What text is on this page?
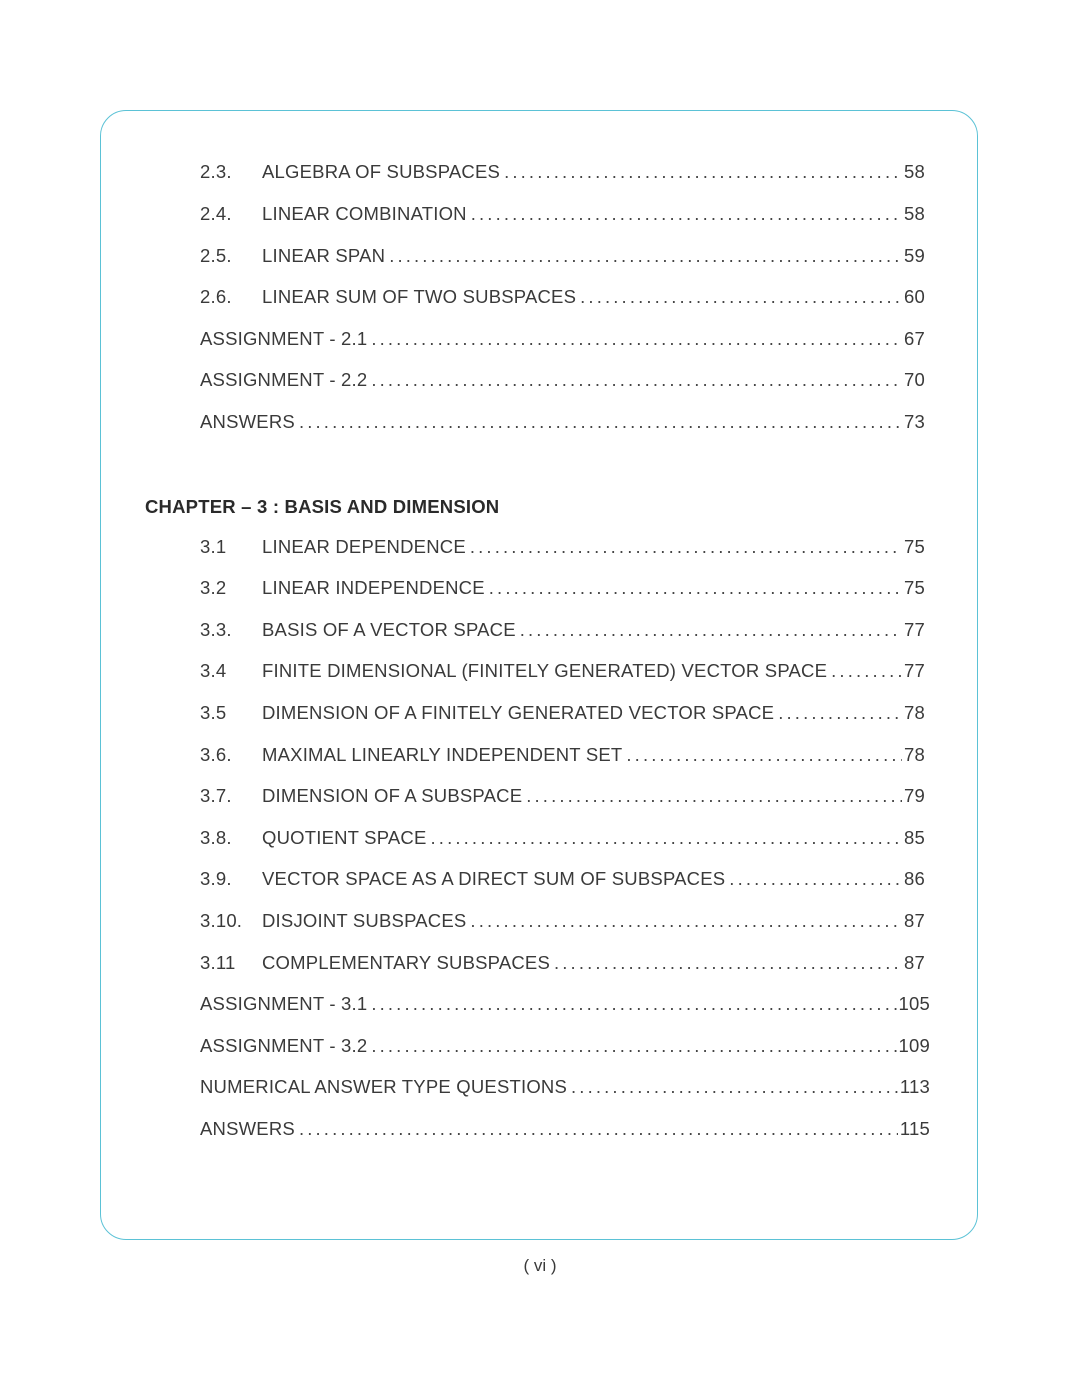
2.3.	ALGEBRA OF SUBSPACES . . .	58
2.4.	LINEAR COMBINATION . . .	58
2.5.	LINEAR SPAN . . .	59
2.6.	LINEAR SUM OF TWO SUBSPACES . . .	60
ASSIGNMENT - 2.1 . . .	67
ASSIGNMENT - 2.2 . . .	70
ANSWERS . . .	73
CHAPTER – 3 : BASIS AND DIMENSION
3.1	LINEAR DEPENDENCE . . .	75
3.2	LINEAR INDEPENDENCE . . .	75
3.3.	BASIS OF A VECTOR SPACE . . .	77
3.4	FINITE DIMENSIONAL (FINITELY GENERATED) VECTOR SPACE . . .	77
3.5	DIMENSION OF A FINITELY GENERATED VECTOR SPACE . . .	78
3.6.	MAXIMAL LINEARLY INDEPENDENT SET . . .	78
3.7.	DIMENSION OF A SUBSPACE . . .	79
3.8.	QUOTIENT SPACE . . .	85
3.9.	VECTOR SPACE AS A DIRECT SUM OF SUBSPACES . . .	86
3.10.	DISJOINT SUBSPACES . . .	87
3.11	COMPLEMENTARY SUBSPACES . . .	87
ASSIGNMENT - 3.1 . . .	105
ASSIGNMENT - 3.2 . . .	109
NUMERICAL ANSWER TYPE QUESTIONS . . .	113
ANSWERS . . .	115
( vi )
